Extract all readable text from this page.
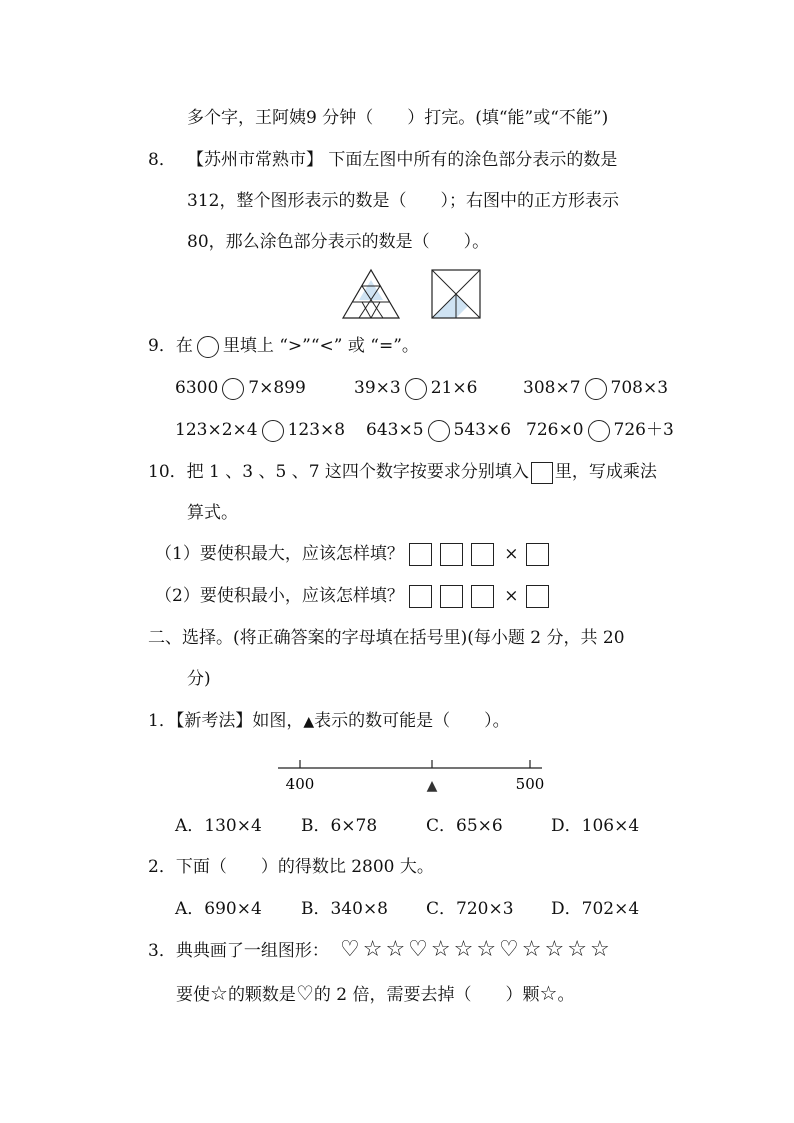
多个字，王阿姨9 分钟（　　）打完。(填“能”或“不能”)
8． 【苏州市常熟市】 下面左图中所有的涂色部分表示的数是
312，整个图形表示的数是（　　）；右图中的正方形表示
80，那么涂色部分表示的数是（　　）。
9．在 里填上 “>”“<” 或 “=”。
6300 7×899	39×3 21×6	308×7 708×3
123×2×4 123×8 643×5 543×6 726×0 726＋3
10．把 1 、3 、5 、7 这四个数字按要求分别填入 里，写成乘法
算式。
（1）要使积最大，应该怎样填？	×
（2）要使积最小，应该怎样填？	×
二、选择。(将正确答案的字母填在括号里)(每小题 2 分，共 20
分)
1．【新考法】如图，▲表示的数可能是（　　）。
400	▲	500
A．130×4 B．6×78	C．65×6	D．106×4
2．下面（　　）的得数比 2800 大。
A．690×4 B．340×8 C．720×3 D．702×4
3．典典画了一组图形： ♡☆☆♡☆☆☆♡☆☆☆☆
要使☆的颗数是♡的 2 倍，需要去掉（　　）颗☆。
